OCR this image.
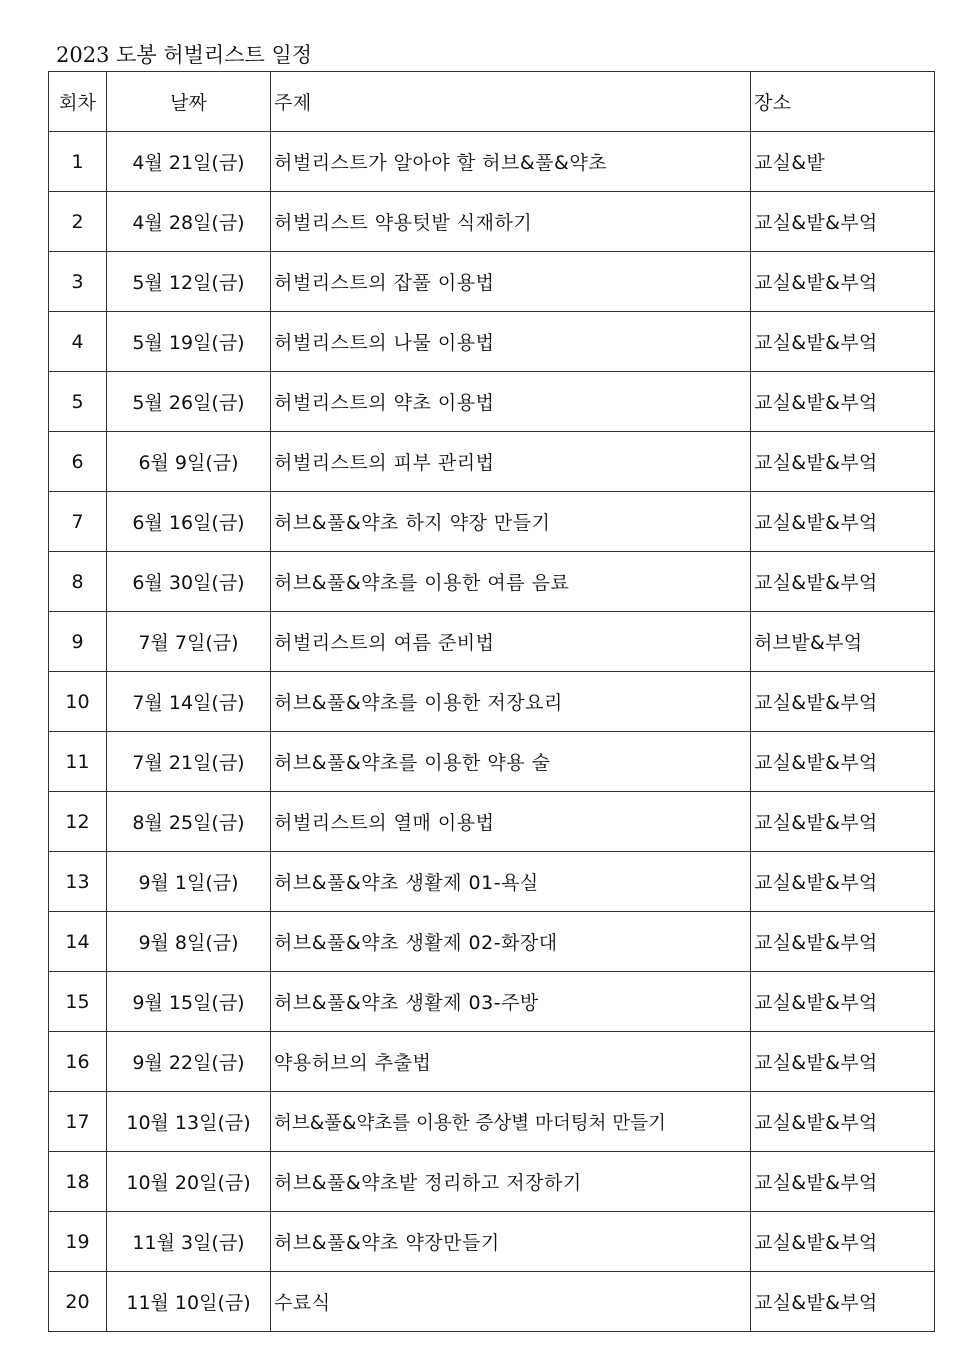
2023 도봉 허벌리스트 일정
회차	날짜	주제	장소
1	4월 21일(금)	허벌리스트가 알아야 할 허브&풀&약초	교실&밭
2	4월 28일(금)	허벌리스트 약용텃밭 식재하기	교실&밭&부엌
3	5월 12일(금)	허벌리스트의 잡풀 이용법	교실&밭&부엌
4	5월 19일(금)	허벌리스트의 나물 이용법	교실&밭&부엌
5	5월 26일(금)	허벌리스트의 약초 이용법	교실&밭&부엌
6	6월 9일(금)	허벌리스트의 피부 관리법	교실&밭&부엌
7	6월 16일(금)	허브&풀&약초 하지 약장 만들기	교실&밭&부엌
8	6월 30일(금)	허브&풀&약초를 이용한 여름 음료	교실&밭&부엌
9	7월 7일(금)	허벌리스트의 여름 준비법	허브밭&부엌
10	7월 14일(금)	허브&풀&약초를 이용한 저장요리	교실&밭&부엌
11	7월 21일(금)	허브&풀&약초를 이용한 약용 술	교실&밭&부엌
12	8월 25일(금)	허벌리스트의 열매 이용법	교실&밭&부엌
13	9월 1일(금)	허브&풀&약초 생활제 01-욕실	교실&밭&부엌
14	9월 8일(금)	허브&풀&약초 생활제 02-화장대	교실&밭&부엌
15	9월 15일(금)	허브&풀&약초 생활제 03-주방	교실&밭&부엌
16	9월 22일(금)	약용허브의 추출법	교실&밭&부엌
17	10월 13일(금)	허브&풀&약초를 이용한 증상별 마더팅처 만들기	교실&밭&부엌
18	10월 20일(금)	허브&풀&약초밭 정리하고 저장하기	교실&밭&부엌
19	11월 3일(금)	허브&풀&약초 약장만들기	교실&밭&부엌
20	11월 10일(금)	수료식	교실&밭&부엌
